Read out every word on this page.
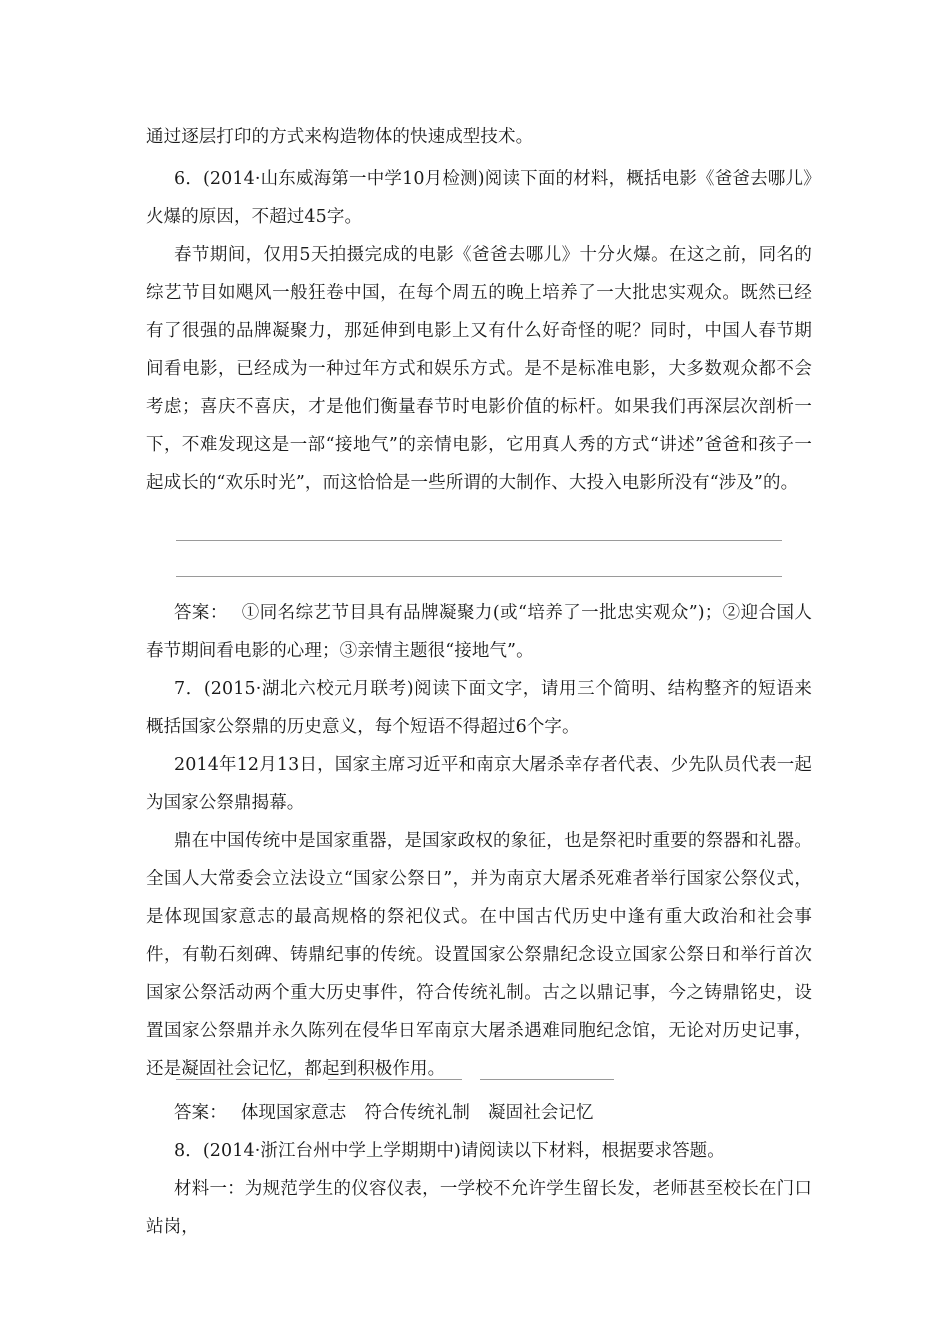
通过逐层打印的方式来构造物体的快速成型技术。

6．(2014·山东威海第一中学10月检测)阅读下面的材料，概括电影《爸爸去哪儿》火爆的原因，不超过45字。

春节期间，仅用5天拍摄完成的电影《爸爸去哪儿》十分火爆。在这之前，同名的综艺节目如飓风一般狂卷中国，在每个周五的晚上培养了一大批忠实观众。既然已经有了很强的品牌凝聚力，那延伸到电影上又有什么好奇怪的呢？同时，中国人春节期间看电影，已经成为一种过年方式和娱乐方式。是不是标准电影，大多数观众都不会考虑；喜庆不喜庆，才是他们衡量春节时电影价值的标杆。如果我们再深层次剖析一下，不难发现这是一部“接地气”的亲情电影，它用真人秀的方式“讲述”爸爸和孩子一起成长的“欢乐时光”，而这恰恰是一些所谓的大制作、大投入电影所没有“涉及”的。

答案： ①同名综艺节目具有品牌凝聚力(或“培养了一批忠实观众”)；②迎合国人春节期间看电影的心理；③亲情主题很“接地气”。

7．(2015·湖北六校元月联考)阅读下面文字，请用三个简明、结构整齐的短语来概括国家公祭鼎的历史意义，每个短语不得超过6个字。

2014年12月13日，国家主席习近平和南京大屠杀幸存者代表、少先队员代表一起为国家公祭鼎揭幕。

鼎在中国传统中是国家重器，是国家政权的象征，也是祭祀时重要的祭器和礼器。全国人大常委会立法设立“国家公祭日”，并为南京大屠杀死难者举行国家公祭仪式，是体现国家意志的最高规格的祭祀仪式。在中国古代历史中逢有重大政治和社会事件，有勒石刻碑、铸鼎纪事的传统。设置国家公祭鼎纪念设立国家公祭日和举行首次国家公祭活动两个重大历史事件，符合传统礼制。古之以鼎记事，今之铸鼎铭史，设置国家公祭鼎并永久陈列在侵华日军南京大屠杀遇难同胞纪念馆，无论对历史记事，还是凝固社会记忆，都起到积极作用。

答案： 体现国家意志 符合传统礼制 凝固社会记忆

8．(2014·浙江台州中学上学期期中)请阅读以下材料，根据要求答题。

材料一：为规范学生的仪容仪表，一学校不允许学生留长发，老师甚至校长在门口站岗，
